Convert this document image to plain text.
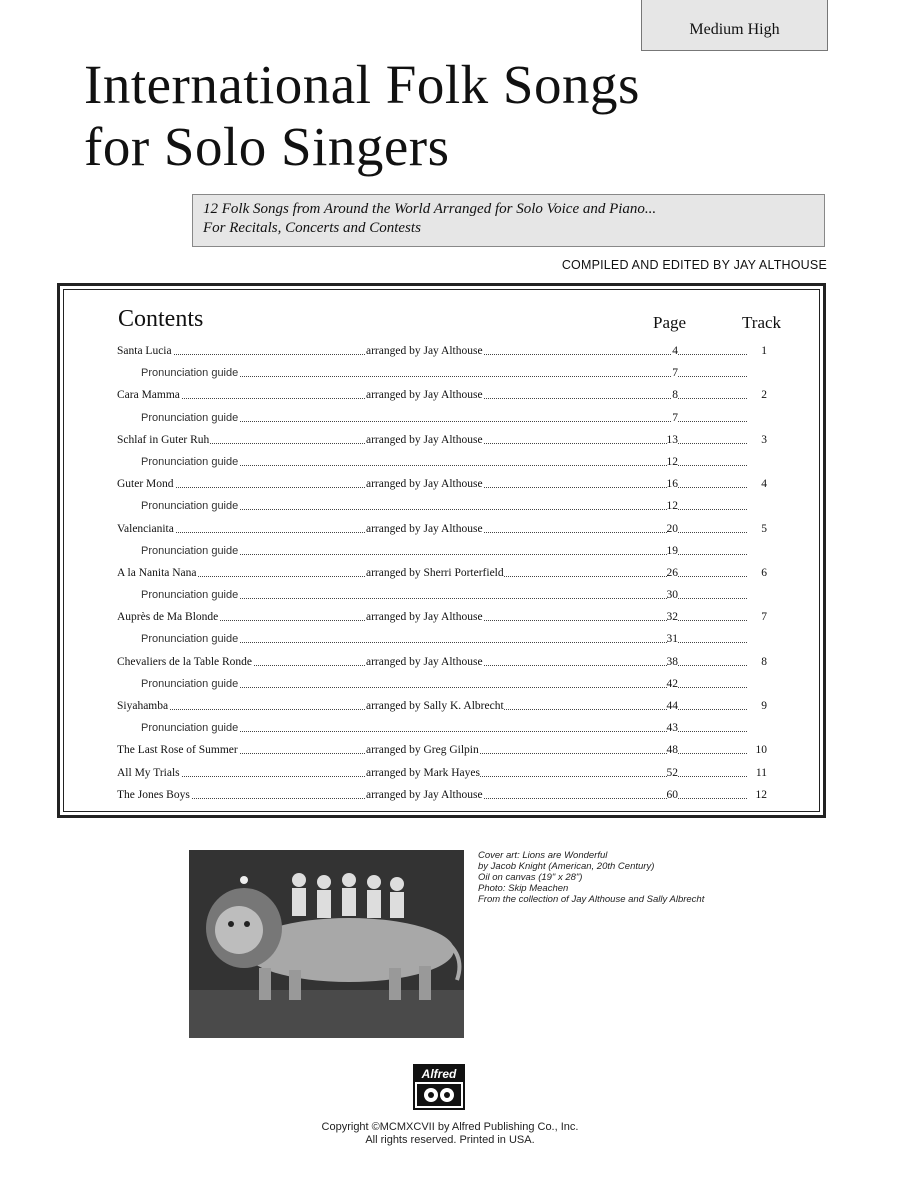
Medium High
International Folk Songs
for Solo Singers
12 Folk Songs from Around the World Arranged for Solo Voice and Piano...
For Recitals, Concerts and Contests
COMPILED AND EDITED BY JAY ALTHOUSE
Contents	Page	Track
Santa Lucia	arranged by Jay Althouse	4	1
Pronunciation guide	7
Cara Mamma	arranged by Jay Althouse	8	2
Pronunciation guide	7
Schlaf in Guter Ruh	arranged by Jay Althouse	13	3
Pronunciation guide	12
Guter Mond	arranged by Jay Althouse	16	4
Pronunciation guide	12
Valencianita	arranged by Jay Althouse	20	5
Pronunciation guide	19
A la Nanita Nana	arranged by Sherri Porterfield	26	6
Pronunciation guide	30
Auprès de Ma Blonde	arranged by Jay Althouse	32	7
Pronunciation guide	31
Chevaliers de la Table Ronde	arranged by Jay Althouse	38	8
Pronunciation guide	42
Siyahamba	arranged by Sally K. Albrecht	44	9
Pronunciation guide	43
The Last Rose of Summer	arranged by Greg Gilpin	48	10
All My Trials	arranged by Mark Hayes	52	11
The Jones Boys	arranged by Jay Althouse	60	12
Cover art: Lions are Wonderful
by Jacob Knight (American, 20th Century)
Oil on canvas (19" x 28")
Photo: Skip Meachen
From the collection of Jay Althouse and Sally Albrecht
Alfred
Copyright ©MCMXCVII by Alfred Publishing Co., Inc.
All rights reserved. Printed in USA.
